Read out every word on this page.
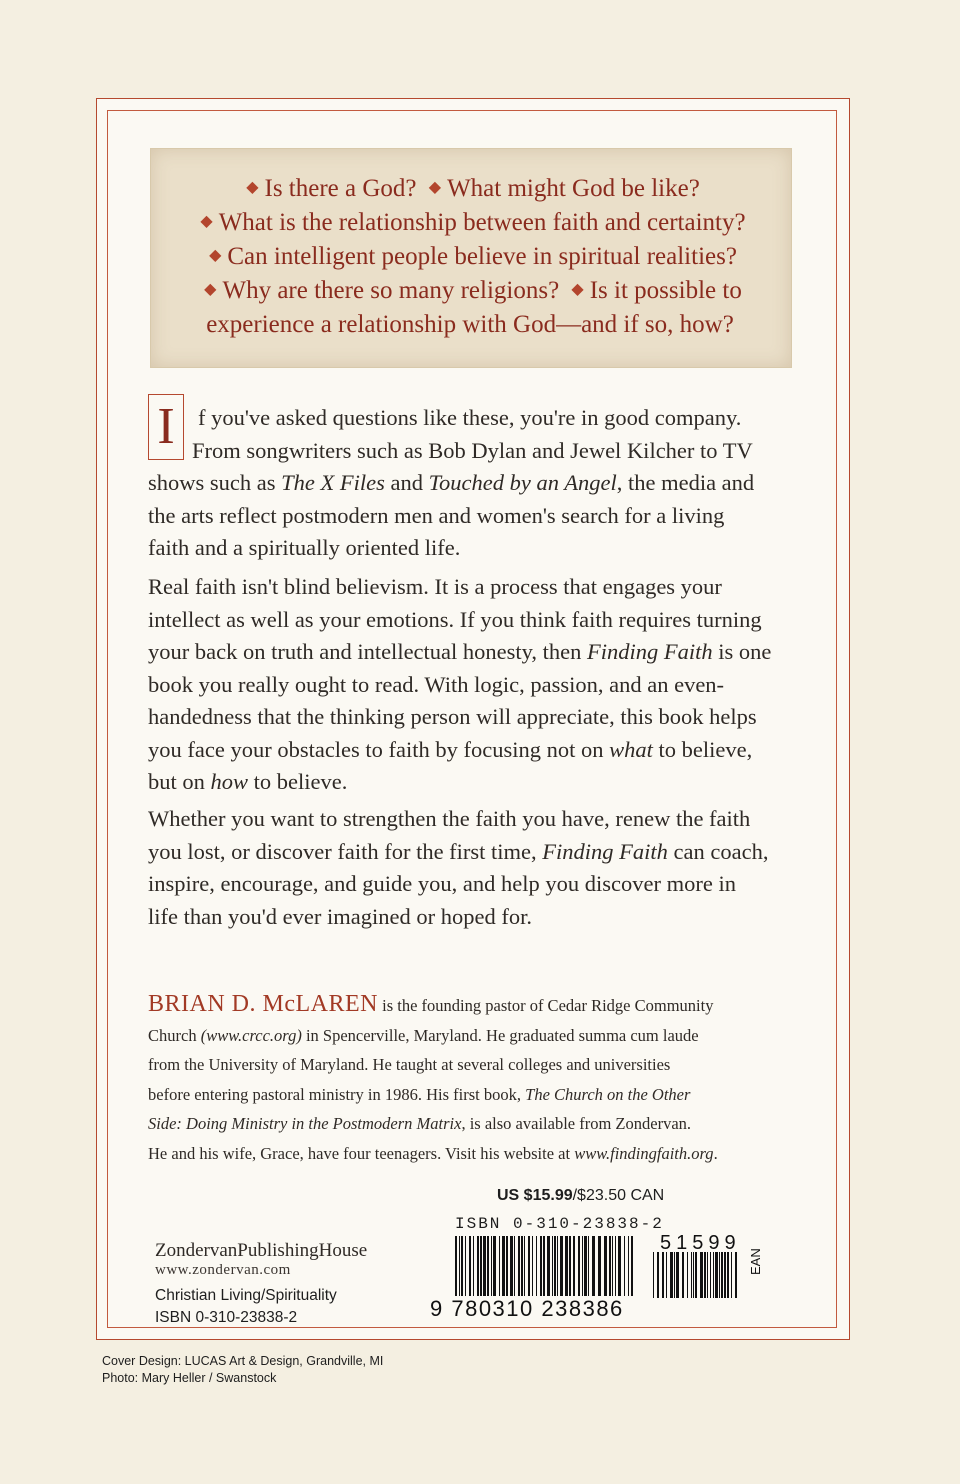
◆ Is there a God? ◆ What might God be like?
◆ What is the relationship between faith and certainty?
◆ Can intelligent people believe in spiritual realities?
◆ Why are there so many religions? ◆ Is it possible to
experience a relationship with God—and if so, how?
I	f you've asked questions like these, you're in good company.

From songwriters such as Bob Dylan and Jewel Kilcher to TV

shows such as The X Files and Touched by an Angel, the media and

the arts reflect postmodern men and women's search for a living

faith and a spiritually oriented life.

Real faith isn't blind believism. It is a process that engages your

intellect as well as your emotions. If you think faith requires turning

your back on truth and intellectual honesty, then Finding Faith is one

book you really ought to read. With logic, passion, and an even-

handedness that the thinking person will appreciate, this book helps

you face your obstacles to faith by focusing not on what to believe,

but on how to believe.

Whether you want to strengthen the faith you have, renew the faith

you lost, or discover faith for the first time, Finding Faith can coach,

inspire, encourage, and guide you, and help you discover more in

life than you'd ever imagined or hoped for.

BRIAN D. McLAREN is the founding pastor of Cedar Ridge Community
Church (www.crcc.org) in Spencerville, Maryland. He graduated summa cum laude
from the University of Maryland. He taught at several colleges and universities
before entering pastoral ministry in 1986. His first book, The Church on the Other
Side: Doing Ministry in the Postmodern Matrix, is also available from Zondervan.
He and his wife, Grace, have four teenagers. Visit his website at www.findingfaith.org.
US $15.99/$23.50 CAN
ZondervanPublishingHouse
www.zondervan.com
Christian Living/Spirituality
ISBN 0-310-23838-2
ISBN 0-310-23838-2
51599
9 780310 238386
EAN
Cover Design: LUCAS Art & Design, Grandville, MI
Photo: Mary Heller / Swanstock
